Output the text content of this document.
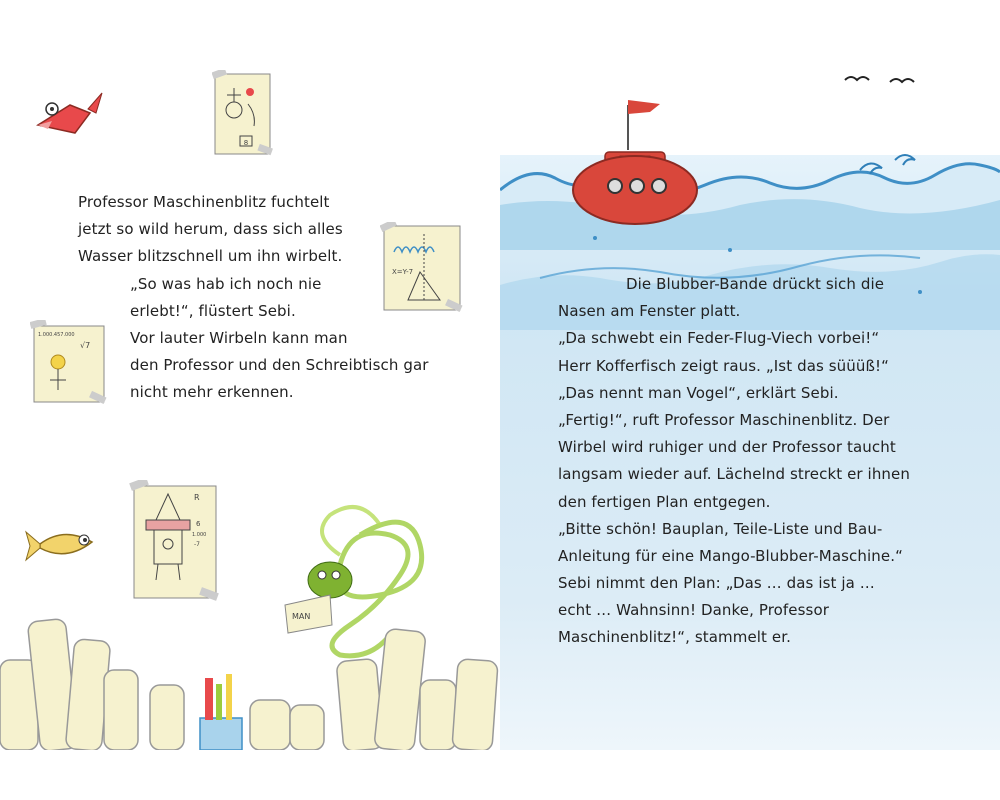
8
X=Y-7
1.000.457.000
√7
R
6
1.000
-7
MAN
Professor Maschinenblitz fuchtelt
jetzt so wild herum, dass sich alles
Wasser blitzschnell um ihn wirbelt.
„So was hab ich noch nie
erlebt!“, flüstert Sebi.
Vor lauter Wirbeln kann man
den Professor und den Schreibtisch gar
nicht mehr erkennen.
Die Blubber-Bande drückt sich die
Nasen am Fenster platt.
„Da schwebt ein Feder-Flug-Viech vorbei!“
Herr Kofferfisch zeigt raus. „Ist das süüüß!“
„Das nennt man Vogel“, erklärt Sebi.
„Fertig!“, ruft Professor Maschinenblitz. Der
Wirbel wird ruhiger und der Professor taucht
langsam wieder auf. Lächelnd streckt er ihnen
den fertigen Plan entgegen.
„Bitte schön! Bauplan, Teile-Liste und Bau-
Anleitung für eine Mango-Blubber-Maschine.“
Sebi nimmt den Plan: „Das … das ist ja …
echt … Wahnsinn! Danke, Professor
Maschinenblitz!“, stammelt er.
